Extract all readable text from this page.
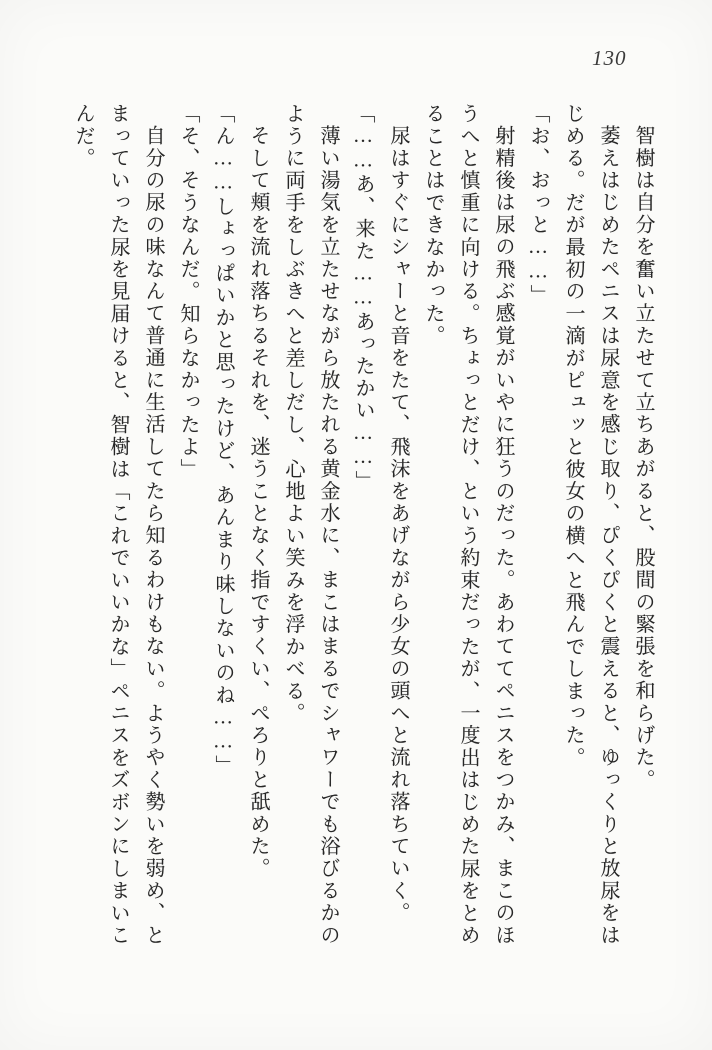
130
智樹は自分を奮い立たせて立ちあがると、股間の緊張を和らげた。
萎えはじめたペニスは尿意を感じ取り、ぴくぴくと震えると、ゆっくりと放尿をは
じめる。だが最初の一滴がピュッと彼女の横へと飛んでしまった。
「お、おっと……」
射精後は尿の飛ぶ感覚がいやに狂うのだった。あわててペニスをつかみ、まこのほ
うへと慎重に向ける。ちょっとだけ、という約束だったが、一度出はじめた尿をとめ
ることはできなかった。
尿はすぐにシャーと音をたて、飛沫をあげながら少女の頭へと流れ落ちていく。
「……あ、来た……あったかい……」
薄い湯気を立たせながら放たれる黄金水に、まこはまるでシャワーでも浴びるかの
ように両手をしぶきへと差しだし、心地よい笑みを浮かべる。
そして頬を流れ落ちるそれを、迷うことなく指ですくい、ぺろりと舐めた。
「ん……しょっぱいかと思ったけど、あんまり味しないのね……」
「そ、そうなんだ。知らなかったよ」
自分の尿の味なんて普通に生活してたら知るわけもない。ようやく勢いを弱め、と
まっていった尿を見届けると、智樹は「これでいいかな」ペニスをズボンにしまいこ
んだ。
